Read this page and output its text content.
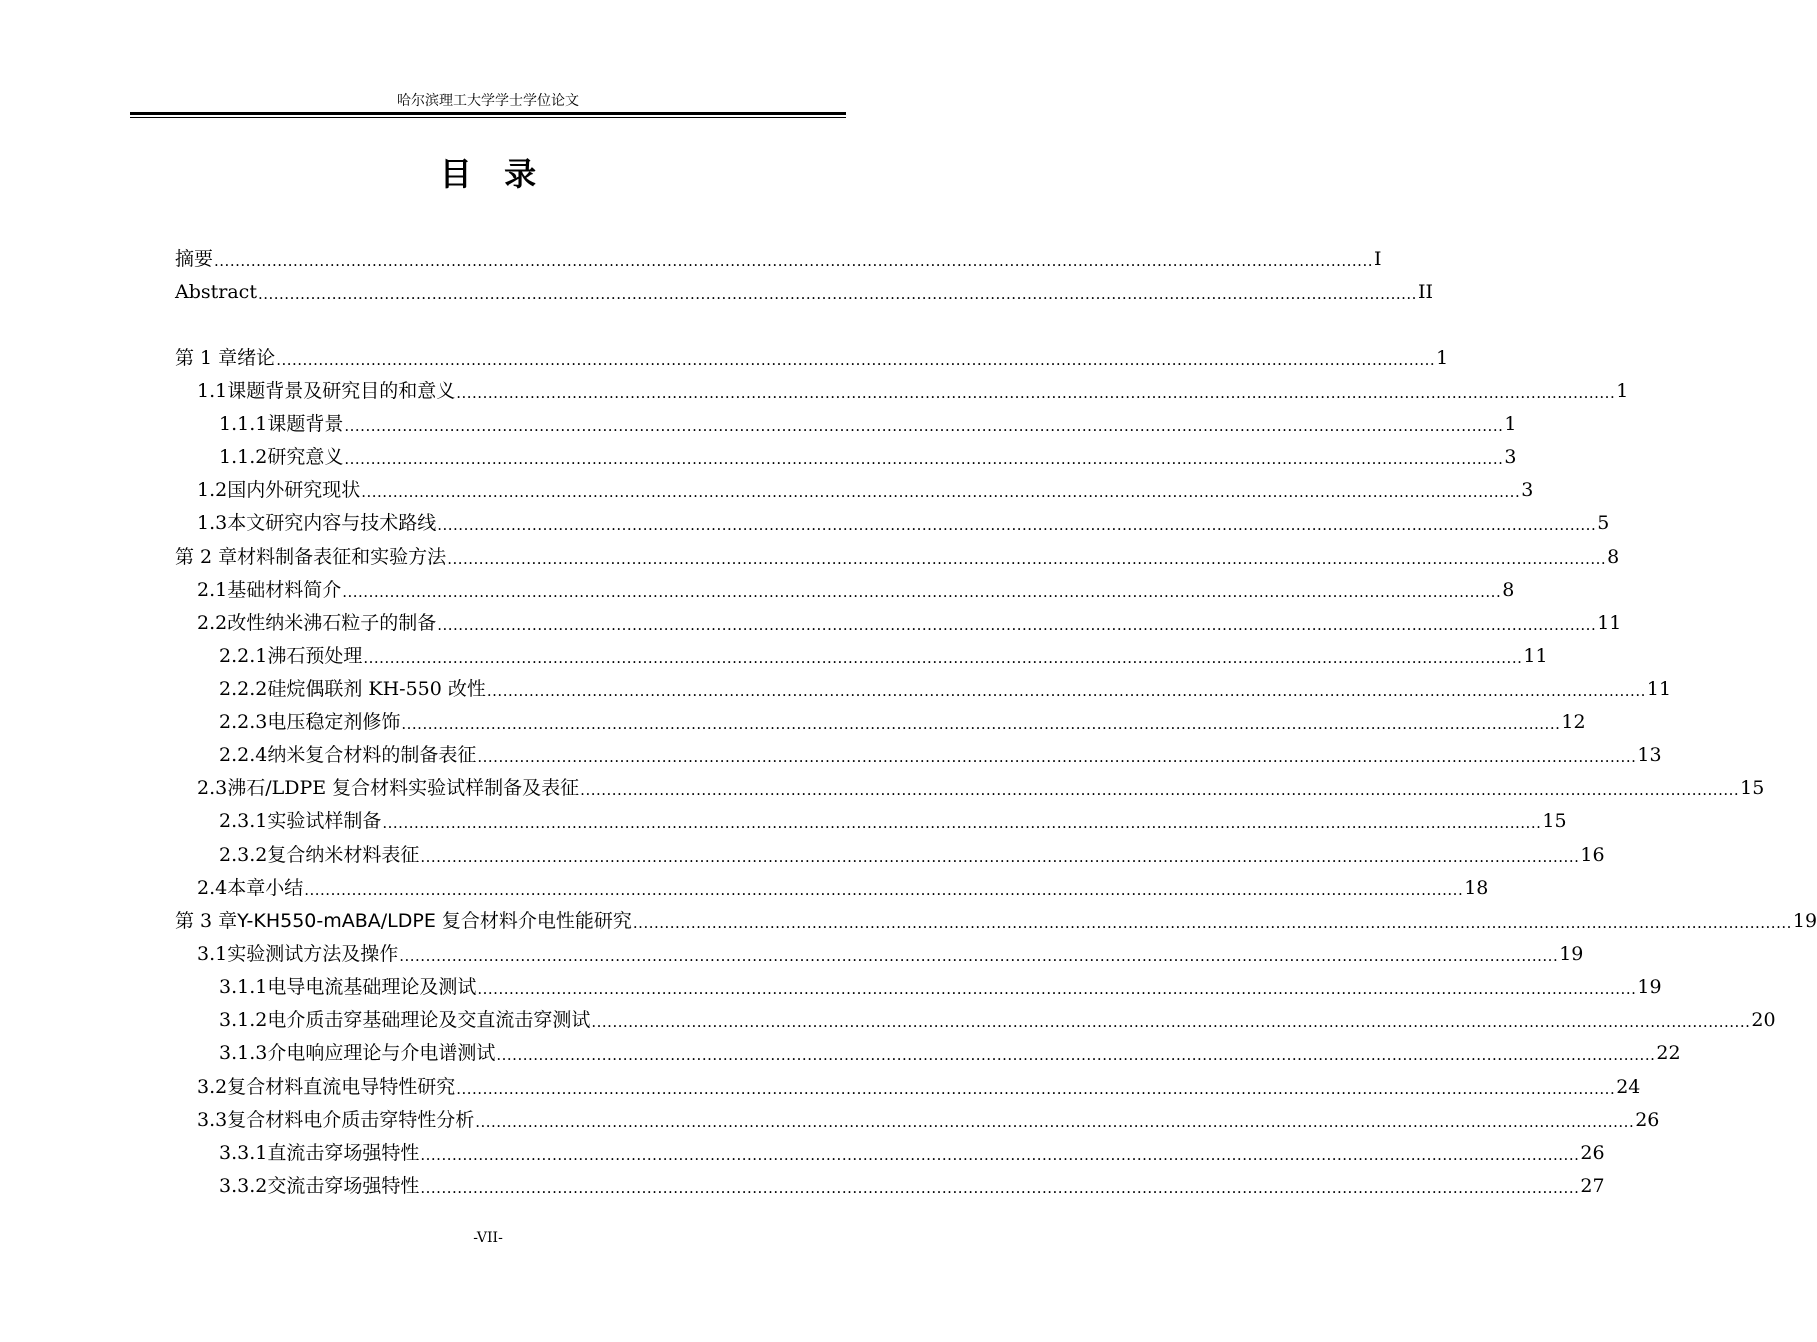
哈尔滨理工大学学士学位论文
目　录
摘要 ............................................................................................................................................................................................................................ I
Abstract ............................................................................................................................................................................................................................ II
第 1 章 绪论 ............................................................................................................................................................................................................................ 1
1.1 课题背景及研究目的和意义 ............................................................................................................................................................................................................................ 1
1.1.1 课题背景 ............................................................................................................................................................................................................................ 1
1.1.2 研究意义 ............................................................................................................................................................................................................................ 3
1.2 国内外研究现状 ............................................................................................................................................................................................................................ 3
1.3 本文研究内容与技术路线 ............................................................................................................................................................................................................................ 5
第 2 章 材料制备表征和实验方法 ............................................................................................................................................................................................................................ 8
2.1 基础材料简介 ............................................................................................................................................................................................................................ 8
2.2 改性纳米沸石粒子的制备 ............................................................................................................................................................................................................................ 11
2.2.1 沸石预处理 ............................................................................................................................................................................................................................ 11
2.2.2 硅烷偶联剂 KH-550 改性 ............................................................................................................................................................................................................................ 11
2.2.3 电压稳定剂修饰 ............................................................................................................................................................................................................................ 12
2.2.4 纳米复合材料的制备表征 ............................................................................................................................................................................................................................ 13
2.3 沸石/LDPE 复合材料实验试样制备及表征 ............................................................................................................................................................................................................................ 15
2.3.1 实验试样制备 ............................................................................................................................................................................................................................ 15
2.3.2 复合纳米材料表征 ............................................................................................................................................................................................................................ 16
2.4 本章小结 ............................................................................................................................................................................................................................ 18
第 3 章 Y-KH550-mABA/LDPE 复合材料介电性能研究 ............................................................................................................................................................................................................................ 19
3.1 实验测试方法及操作 ............................................................................................................................................................................................................................ 19
3.1.1 电导电流基础理论及测试 ............................................................................................................................................................................................................................ 19
3.1.2 电介质击穿基础理论及交直流击穿测试 ............................................................................................................................................................................................................................ 20
3.1.3 介电响应理论与介电谱测试 ............................................................................................................................................................................................................................ 22
3.2 复合材料直流电导特性研究 ............................................................................................................................................................................................................................ 24
3.3 复合材料电介质击穿特性分析 ............................................................................................................................................................................................................................ 26
3.3.1 直流击穿场强特性 ............................................................................................................................................................................................................................ 26
3.3.2 交流击穿场强特性 ............................................................................................................................................................................................................................ 27
-VII-
